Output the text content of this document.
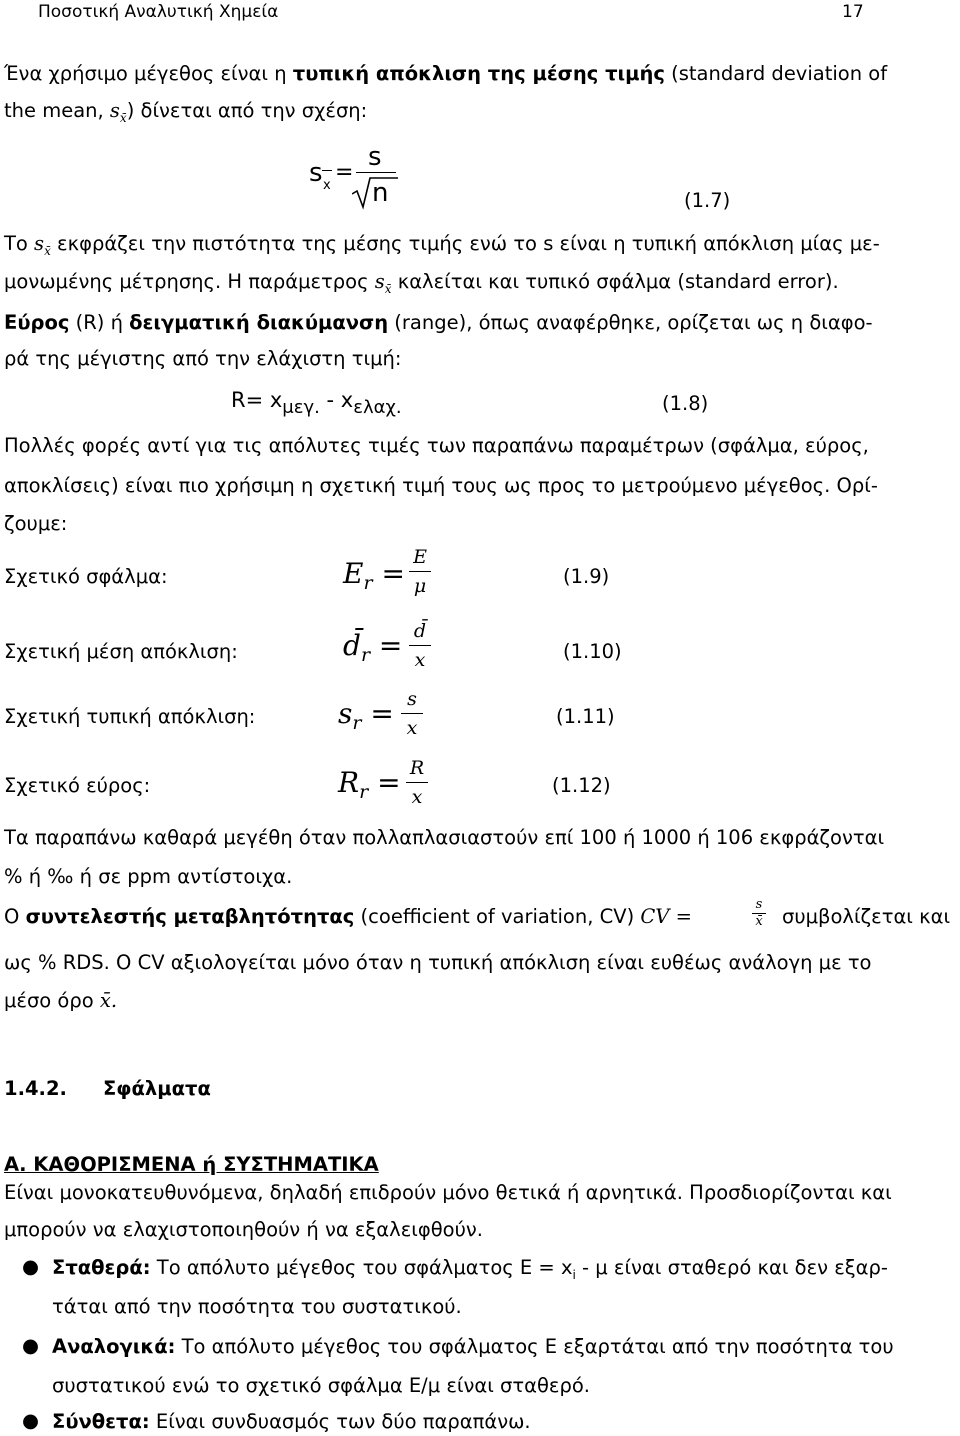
Ποσοτική Αναλυτική Χημεία	17
Ένα χρήσιμο μέγεθος είναι η τυπική απόκλιση της μέσης τιμής (standard deviation of
the mean, $s_{x̄}$) δίνεται από την σχέση:
s x
=
s
n	(1.7)
Το $s_{x̄}$ εκφράζει την πιστότητα της μέσης τιμής ενώ το s είναι η τυπική απόκλιση μίας με-
μονωμένης μέτρησης. Η παράμετρος $s_{x̄}$ καλείται και τυπικό σφάλμα (standard error).
Εύρος (R) ή δειγματική διακύμανση (range), όπως αναφέρθηκε, ορίζεται ως η διαφο-
ρά της μέγιστης από την ελάχιστη τιμή:
R= xμεγ. - xελαχ.	(1.8)
Πολλές φορές αντί για τις απόλυτες τιμές των παραπάνω παραμέτρων (σφάλμα, εύρος,
αποκλίσεις) είναι πιο χρήσιμη η σχετική τιμή τους ως προς το μετρούμενο μέγεθος. Ορί-
ζουμε:
Σχετικό σφάλμα:	$E_r = E$
μ	(1.9)
Σχετική μέση απόκλιση:	$d̄_r$ = d̄
x	(1.10)
Σχετική τυπική απόκλιση:	$s_r = s$
x	(1.11)
Σχετικό εύρος:	$R_r = R$
x	(1.12)
Τα παραπάνω καθαρά μεγέθη όταν πολλαπλασιαστούν επί 100 ή 1000 ή 106 εκφράζονται
% ή ‰ ή σε ppm αντίστοιχα.
Ο συντελεστής μεταβλητότητας (coefficient of variation, CV) CV =
s
x̄ συμβολίζεται και
ως % RDS. Ο CV αξιολογείται μόνο όταν η τυπική απόκλιση είναι ευθέως ανάλογη με το
μέσο όρο x̄.
1.4.2. Σφάλματα
Α. ΚΑΘΟΡΙΣΜΕΝΑ ή ΣΥΣΤΗΜΑΤΙΚΑ
Είναι μονοκατευθυνόμενα, δηλαδή επιδρούν μόνο θετικά ή αρνητικά. Προσδιορίζονται και
μπορούν να ελαχιστοποιηθούν ή να εξαλειφθούν.
● Σταθερά: Το απόλυτο μέγεθος του σφάλματος $E = x_i - \mu$ είναι σταθερό και δεν εξαρ-
τάται από την ποσότητα του συστατικού.
● Αναλογικά: Το απόλυτο μέγεθος του σφάλματος Ε εξαρτάται από την ποσότητα του
συστατικού ενώ το σχετικό σφάλμα Ε/μ είναι σταθερό.
● Σύνθετα: Είναι συνδυασμός των δύο παραπάνω.
